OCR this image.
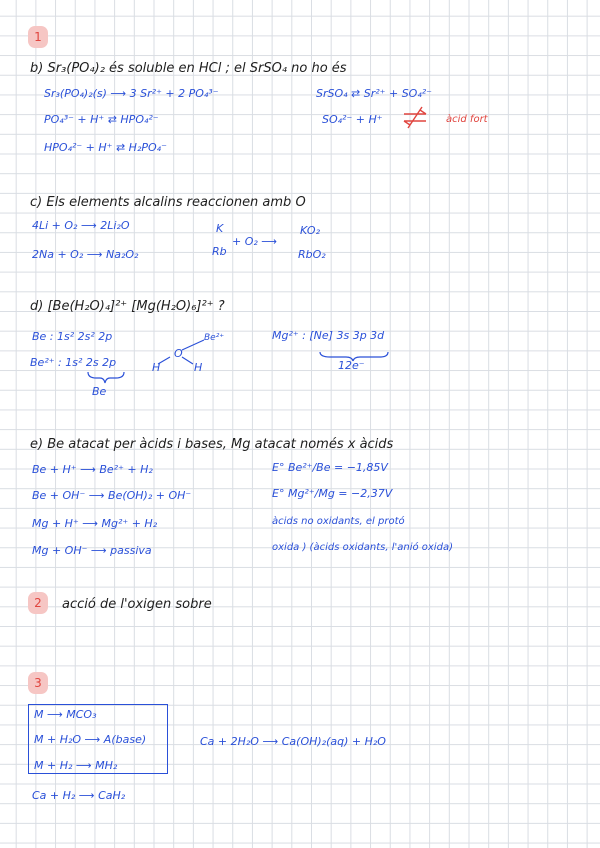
1
b) Sr₃(PO₄)₂ és soluble en HCl ; el SrSO₄ no ho és
Sr₃(PO₄)₂(s) ⟶ 3 Sr²⁺ + 2 PO₄³⁻
PO₄³⁻ + H⁺ ⇄ HPO₄²⁻
HPO₄²⁻ + H⁺ ⇄ H₂PO₄⁻
SrSO₄ ⇄ Sr²⁺ + SO₄²⁻
SO₄²⁻ + H⁺	àcid fort
c) Els elements alcalins reaccionen amb O
4Li + O₂ ⟶ 2Li₂O
2Na + O₂ ⟶ Na₂O₂
K
Rb
+ O₂ ⟶
KO₂
RbO₂
d) [Be(H₂O)₄]²⁺ [Mg(H₂O)₆]²⁺ ?
Be : 1s² 2s² 2p
Be²⁺ : 1s² 2s 2p
Be
O
H	H
Be²⁺	Mg²⁺ : [Ne] 3s 3p 3d
12e⁻
e) Be atacat per àcids i bases, Mg atacat només x àcids
Be + H⁺ ⟶ Be²⁺ + H₂
Be + OH⁻ ⟶ Be(OH)₂ + OH⁻
Mg + H⁺ ⟶ Mg²⁺ + H₂
Mg + OH⁻ ⟶ passiva
E° Be²⁺/Be = −1,85V
E° Mg²⁺/Mg = −2,37V
àcids no oxidants, el protó
oxida ) (àcids oxidants, l'anió oxida)
2	acció de l'oxigen sobre
3
M ⟶ MCO₃
M + H₂O ⟶ A(base)
M + H₂ ⟶ MH₂
Ca + H₂ ⟶ CaH₂
Ca + 2H₂O ⟶ Ca(OH)₂(aq) + H₂O
